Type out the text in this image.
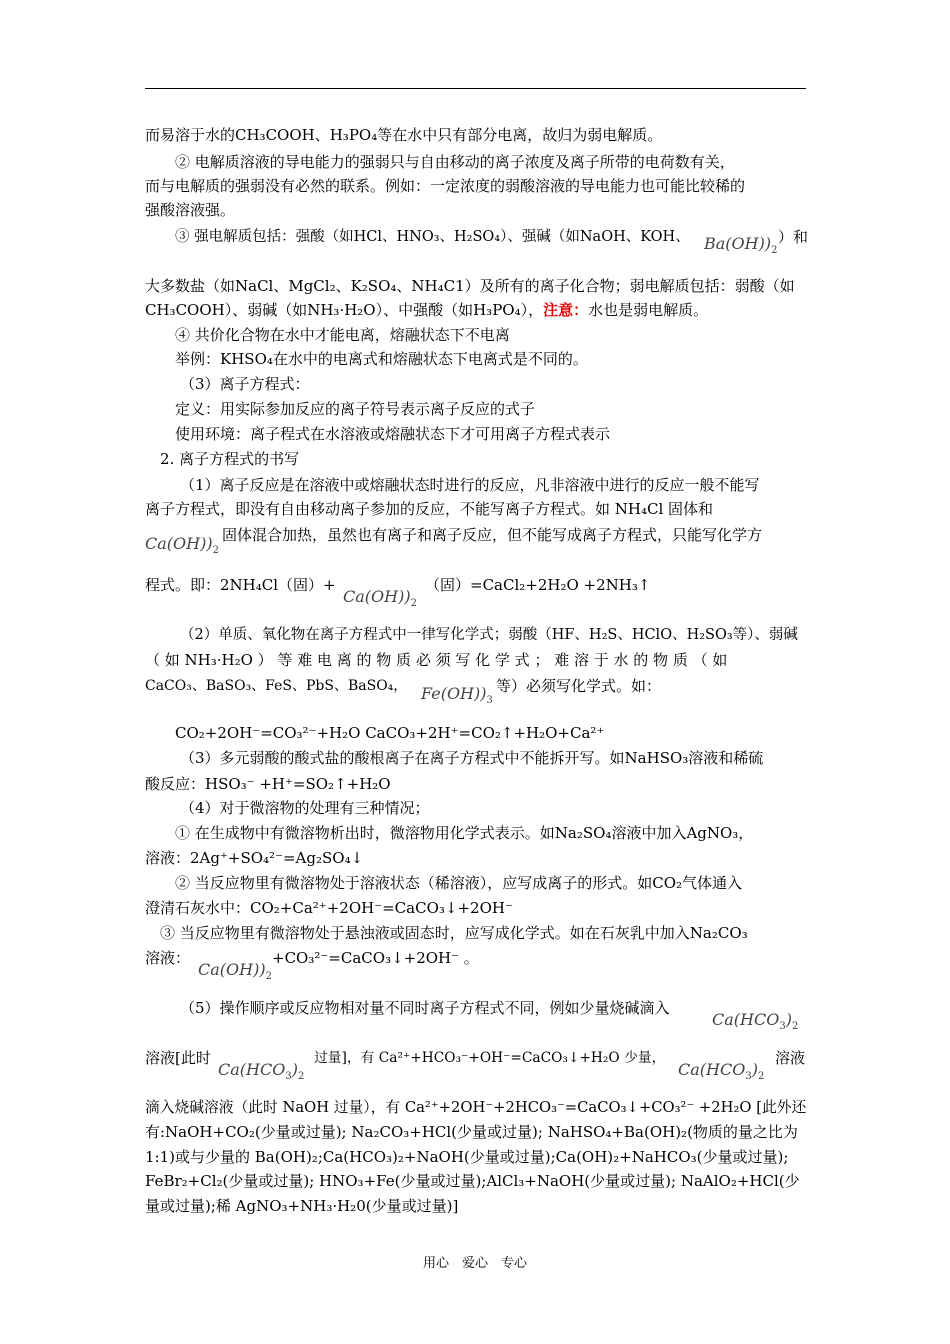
而易溶于水的CH₃COOH、H₃PO₄等在水中只有部分电离，故归为弱电解质。
② 电解质溶液的导电能力的强弱只与自由移动的离子浓度及离子所带的电荷数有关，
而与电解质的强弱没有必然的联系。例如：一定浓度的弱酸溶液的导电能力也可能比较稀的
强酸溶液强。
③ 强电解质包括：强酸（如HCl、HNO₃、H₂SO₄）、强碱（如NaOH、KOH、 $Ba(OH))_2$
）和
大多数盐（如NaCl、MgCl₂、K₂SO₄、NH₄C1）及所有的离子化合物；弱电解质包括：弱酸（如
CH₃COOH）、弱碱（如NH₃·H₂O）、中强酸（如H₃PO₄），注意：水也是弱电解质。
④ 共价化合物在水中才能电离，熔融状态下不电离
举例：KHSO₄在水中的电离式和熔融状态下电离式是不同的。
（3）离子方程式：
定义：用实际参加反应的离子符号表示离子反应的式子
使用环境：离子程式在水溶液或熔融状态下才可用离子方程式表示
2. 离子方程式的书写
（1）离子反应是在溶液中或熔融状态时进行的反应，凡非溶液中进行的反应一般不能写
离子方程式，即没有自由移动离子参加的反应，不能写离子方程式。如 NH₄Cl 固体和
$Ca(OH))_2$
固体混合加热，虽然也有离子和离子反应，但不能写成离子方程式，只能写化学方
程式。即：2NH₄Cl（固）+
$Ca(OH))_2$
（固）=CaCl₂+2H₂O +2NH₃↑
（2）单质、氧化物在离子方程式中一律写化学式；弱酸（HF、H₂S、HClO、H₂SO₃等）、弱碱
（ 如 NH₃·H₂O ） 等 难 电 离 的 物 质 必 须 写 化 学 式 ； 难 溶 于 水 的 物 质 （ 如
CaCO₃、BaSO₃、FeS、PbS、BaSO₄， $Fe(OH))_3$
等）必须写化学式。如：
CO₂+2OH⁻=CO₃²⁻+H₂O CaCO₃+2H⁺=CO₂↑+H₂O+Ca²⁺
（3）多元弱酸的酸式盐的酸根离子在离子方程式中不能拆开写。如NaHSO₃溶液和稀硫
酸反应：HSO₃⁻ +H⁺=SO₂↑+H₂O
（4）对于微溶物的处理有三种情况；
① 在生成物中有微溶物析出时，微溶物用化学式表示。如Na₂SO₄溶液中加入AgNO₃，
溶液：2Ag⁺+SO₄²⁻=Ag₂SO₄↓
② 当反应物里有微溶物处于溶液状态（稀溶液），应写成离子的形式。如CO₂气体通入
澄清石灰水中：CO₂+Ca²⁺+2OH⁻=CaCO₃↓+2OH⁻
③ 当反应物里有微溶物处于悬浊液或固态时，应写成化学式。如在石灰乳中加入Na₂CO₃
溶液：
$Ca(OH))_2$
+CO₃²⁻=CaCO₃↓+2OH⁻ 。
（5）操作顺序或反应物相对量不同时离子方程式不同，例如少量烧碱滴入
$Ca(HCO_3)_2$
溶液[此时
$Ca(HCO_3)_2$
过量]，有 Ca²⁺+HCO₃⁻+OH⁻=CaCO₃↓+H₂O 少量，
$Ca(HCO_3)_2$
溶液
滴入烧碱溶液（此时 NaOH 过量），有 Ca²⁺+2OH⁻+2HCO₃⁻=CaCO₃↓+CO₃²⁻ +2H₂O [此外还
有:NaOH+CO₂(少量或过量); Na₂CO₃+HCl(少量或过量); NaHSO₄+Ba(OH)₂(物质的量之比为
1:1)或与少量的 Ba(OH)₂;Ca(HCO₃)₂+NaOH(少量或过量);Ca(OH)₂+NaHCO₃(少量或过量);
FeBr₂+Cl₂(少量或过量); HNO₃+Fe(少量或过量);AlCl₃+NaOH(少量或过量); NaAlO₂+HCl(少
量或过量);稀 AgNO₃+NH₃·H₂0(少量或过量)]
用心　爱心　专心
